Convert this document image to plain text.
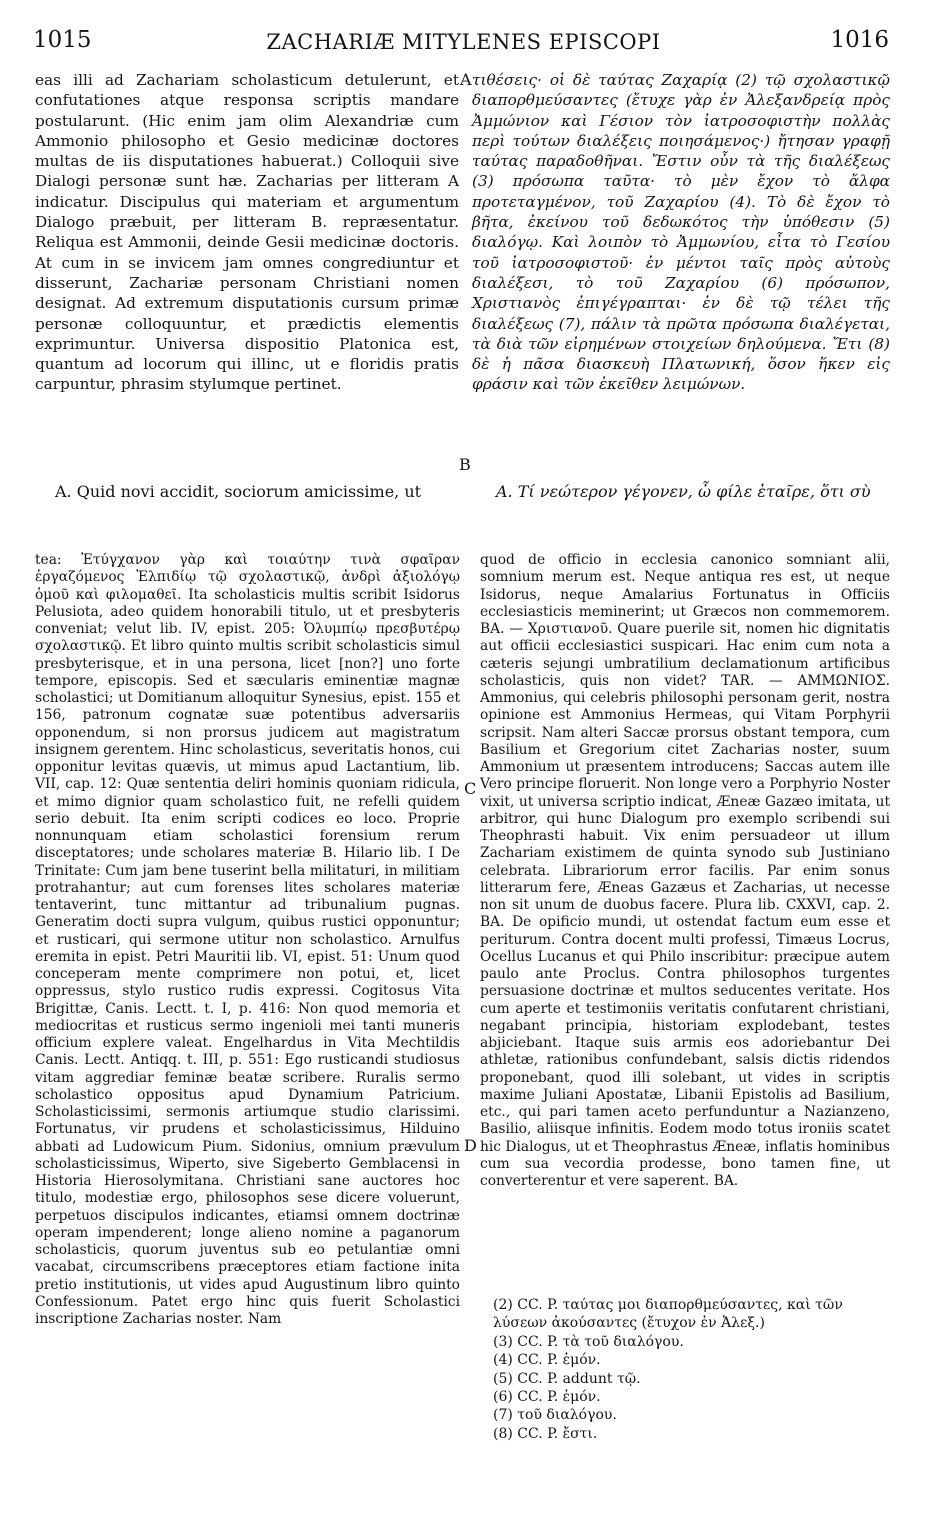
1015	ZACHARIÆ MITYLENES EPISCOPI	1016

eas illi ad Zachariam scholasticum detulerunt, et confutationes atque responsa scriptis mandare postularunt. (Hic enim jam olim Alexandriæ cum Ammonio philosopho et Gesio medicinæ doctores multas de iis disputationes habuerat.) Colloquii sive Dialogi personæ sunt hæ. Zacharias per litteram A indicatur. Discipulus qui materiam et argumentum Dialogo præbuit, per litteram B. repræsentatur. Reliqua est Ammonii, deinde Gesii medicinæ doctoris. At cum in se invicem jam omnes congrediuntur et disserunt, Zachariæ personam Christiani nomen designat. Ad extremum disputationis cursum primæ personæ colloquuntur, et prædictis elementis exprimuntur. Universa dispositio Platonica est, quantum ad locorum qui illinc, ut e floridis pratis carpuntur, phrasim stylumque pertinet.

τιθέσεις· οἱ δὲ ταύτας Ζαχαρίᾳ (2) τῷ σχολαστικῷ διαπορθμεύσαντες (ἔτυχε γὰρ ἐν Ἀλεξανδρείᾳ πρὸς Ἀμμώνιον καὶ Γέσιον τὸν ἰατροσοφιστὴν πολλὰς περὶ τούτων διαλέξεις ποιησάμενος·) ἤτησαν γραφῇ ταύτας παραδοθῆναι. Ἔστιν οὖν τὰ τῆς διαλέξεως (3) πρόσωπα ταῦτα· τὸ μὲν ἔχον τὸ ἄλφα προτεταγμένον, τοῦ Ζαχαρίου (4). Τὸ δὲ ἔχον τὸ βῆτα, ἐκείνου τοῦ δεδωκότος τὴν ὑπόθεσιν (5) διαλόγῳ. Καὶ λοιπὸν τὸ Ἀμμωνίου, εἶτα τὸ Γεσίου τοῦ ἰατροσοφιστοῦ· ἐν μέντοι ταῖς πρὸς αὐτοὺς διαλέξεσι, τὸ τοῦ Ζαχαρίου (6) πρόσωπον, Χριστιανὸς ἐπιγέγραπται· ἐν δὲ τῷ τέλει τῆς διαλέξεως (7), πάλιν τὰ πρῶτα πρόσωπα διαλέγεται, τὰ διὰ τῶν εἰρημένων στοιχείων δηλούμενα. Ἔτι (8) δὲ ἡ πᾶσα διασκευὴ Πλατωνική, ὅσον ἥκεν εἰς φράσιν καὶ τῶν ἐκεῖθεν λειμώνων.

A. Quid novi accidit, sociorum amicissime, ut	A. Τί νεώτερον γέγονεν, ὦ φίλε ἑταῖρε, ὅτι σὺ

tea: Ἐτύγχανον γὰρ καὶ τοιαύτην τινὰ σφαῖραν ἐργαζόμενος Ἐλπιδίῳ τῷ σχολαστικῷ, ἀνδρὶ ἀξιολόγῳ ὁμοῦ καὶ φιλομαθεῖ. Ita scholasticis multis scribit Isidorus Pelusiota, adeo quidem honorabili titulo, ut et presbyteris conveniat; velut lib. IV, epist. 205: Ὀλυμπίῳ πρεσβυτέρῳ σχολαστικῷ. Et libro quinto multis scribit scholasticis simul presbyterisque, et in una persona, licet [non?] uno forte tempore, episcopis. Sed et sæcularis eminentiæ magnæ scholastici; ut Domitianum alloquitur Synesius, epist. 155 et 156, patronum cognatæ suæ potentibus adversariis opponendum, si non prorsus judicem aut magistratum insignem gerentem. Hinc scholasticus, severitatis honos, cui opponitur levitas quævis, ut mimus apud Lactantium, lib. VII, cap. 12: Quæ sententia deliri hominis quoniam ridicula, et mimo dignior quam scholastico fuit, ne refelli quidem serio debuit. Ita enim scripti codices eo loco. Proprie nonnunquam etiam scholastici forensium rerum disceptatores; unde scholares materiæ B. Hilario lib. I De Trinitate: Cum jam bene tuserint bella militaturi, in militiam protrahantur; aut cum forenses lites scholares materiæ tentaverint, tunc mittantur ad tribunalium pugnas. Generatim docti supra vulgum, quibus rustici opponuntur; et rusticari, qui sermone utitur non scholastico. Arnulfus eremita in epist. Petri Mauritii lib. VI, epist. 51: Unum quod conceperam mente comprimere non potui, et, licet oppressus, stylo rustico rudis expressi. Cogitosus Vita Brigittæ, Canis. Lectt. t. I, p. 416: Non quod memoria et mediocritas et rusticus sermo ingenioli mei tanti muneris officium explere valeat. Engelhardus in Vita Mechtildis Canis. Lectt. Antiqq. t. III, p. 551: Ego rusticandi studiosus vitam aggrediar feminæ beatæ scribere. Ruralis sermo scholastico oppositus apud Dynamium Patricium. Scholasticissimi, sermonis artiumque studio clarissimi. Fortunatus, vir prudens et scholasticissimus, Hilduino abbati ad Ludowicum Pium. Sidonius, omnium prævulum scholasticissimus, Wiperto, sive Sigeberto Gemblacensi in Historia Hierosolymitana. Christiani sane auctores hoc titulo, modestiæ ergo, philosophos sese dicere voluerunt, perpetuos discipulos indicantes, etiamsi omnem doctrinæ operam impenderent; longe alieno nomine a paganorum scholasticis, quorum juventus sub eo petulantiæ omni vacabat, circumscribens præceptores etiam factione inita pretio institutionis, ut vides apud Augustinum libro quinto Confessionum. Patet ergo hinc quis fuerit Scholastici inscriptione Zacharias noster. Nam

quod de officio in ecclesia canonico somniant alii, somnium merum est. Neque antiqua res est, ut neque Isidorus, neque Amalarius Fortunatus in Officiis ecclesiasticis meminerint; ut Græcos non commemorem. BA. — Χριστιανοῦ. Quare puerile sit, nomen hic dignitatis aut officii ecclesiastici suspicari. Hac enim cum nota a cæteris sejungi umbratilium declamationum artificibus scholasticis, quis non videt? TAR. — ΑΜΜΩΝΙΟΣ. Ammonius, qui celebris philosophi personam gerit, nostra opinione est Ammonius Hermeas, qui Vitam Porphyrii scripsit. Nam alteri Saccæ prorsus obstant tempora, cum Basilium et Gregorium citet Zacharias noster, suum Ammonium ut præsentem introducens; Saccas autem ille Vero principe floruerit. Non longe vero a Porphyrio Noster vixit, ut universa scriptio indicat, Æneæ Gazæo imitata, ut arbitror, qui hunc Dialogum pro exemplo scribendi sui Theophrasti habuit. Vix enim persuadeor ut illum Zachariam existimem de quinta synodo sub Justiniano celebrata. Librariorum error facilis. Par enim sonus litterarum fere, Æneas Gazæus et Zacharias, ut necesse non sit unum de duobus facere. Plura lib. CXXVI, cap. 2. BA. De opificio mundi, ut ostendat factum eum esse et periturum. Contra docent multi professi, Timæus Locrus, Ocellus Lucanus et qui Philo inscribitur: præcipue autem paulo ante Proclus. Contra philosophos turgentes persuasione doctrinæ et multos seducentes veritate. Hos cum aperte et testimoniis veritatis confutarent christiani, negabant principia, historiam explodebant, testes abjiciebant. Itaque suis armis eos adoriebantur Dei athletæ, rationibus confundebant, salsis dictis ridendos proponebant, quod illi solebant, ut vides in scriptis maxime Juliani Apostatæ, Libanii Epistolis ad Basilium, etc., qui pari tamen aceto perfunduntur a Nazianzeno, Basilio, aliisque infinitis. Eodem modo totus ironiis scatet hic Dialogus, ut et Theophrastus Æneæ, inflatis hominibus cum sua vecordia prodesse, bono tamen fine, ut converterentur et vere saperent. BA.

(2) CC. P. ταύτας μοι διαπορθμεύσαντες, καὶ τῶν λύσεων ἀκούσαντες (ἔτυχον ἐν Ἀλεξ.)
(3) CC. P. τὰ τοῦ διαλόγου.
(4) CC. P. ἐμόν.
(5) CC. P. addunt τῷ.
(6) CC. P. ἐμόν.
(7) τοῦ διαλόγου.
(8) CC. P. ἔστι.
A
B
C
D
